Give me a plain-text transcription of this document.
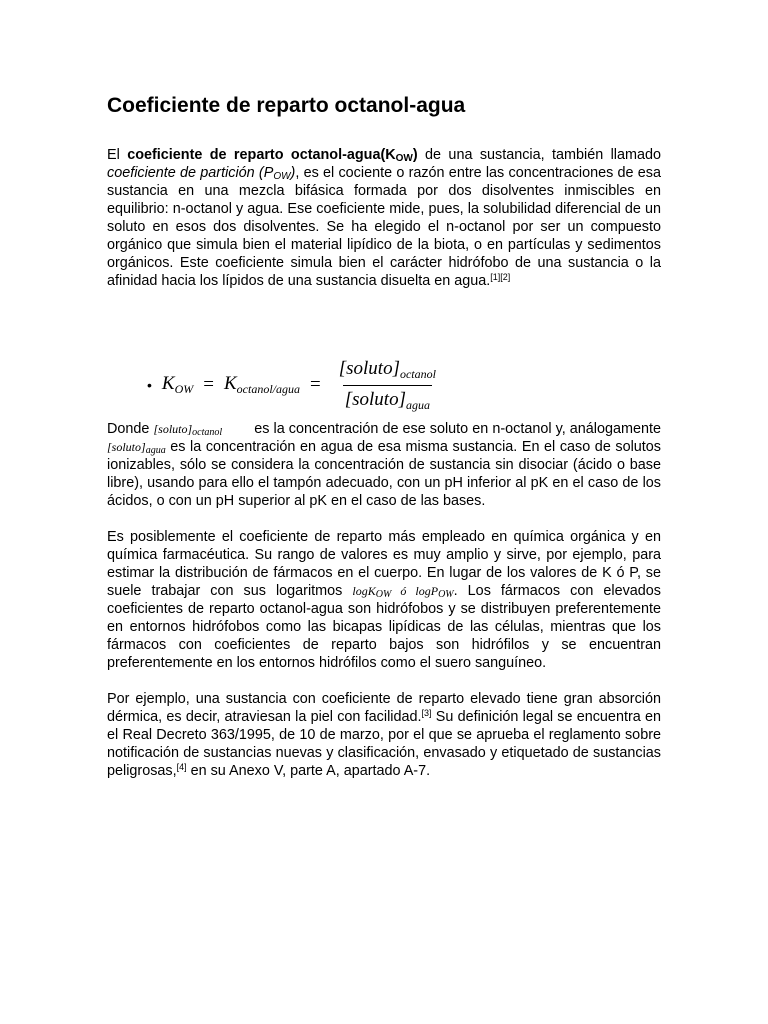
Coeficiente de reparto octanol-agua

El coeficiente de reparto octanol-$agua(K_{OW})$ de una sustancia, también llamado coeficiente de partición $(P_{OW})$, es el cociente o razón entre las concentraciones de esa sustancia en una mezcla bifásica formada por dos disolventes inmiscibles en equilibrio: n-octanol y agua. Ese coeficiente mide, pues, la solubilidad diferencial de un soluto en esos dos disolventes. Se ha elegido el n-octanol por ser un compuesto orgánico que simula bien el material lipídico de la biota, o en partículas y sedimentos orgánicos. Este coeficiente simula bien el carácter hidrófobo de una sustancia o la afinidad hacia los lípidos de una sustancia disuelta en agua.[1][2]

• $K_{OW} = K_{octanol/agua} = \frac{[soluto]_{octanol}}{[soluto]_{agua}}$

Donde $[soluto]_{octanol}$ es la concentración de ese soluto en n-octanol y, análogamente $[soluto]_{agua}$ es la concentración en agua de esa misma sustancia. En el caso de solutos ionizables, sólo se considera la concentración de sustancia sin disociar (ácido o base libre), usando para ello el tampón adecuado, con un pH inferior al pK en el caso de los ácidos, o con un pH superior al pK en el caso de las bases.

Es posiblemente el coeficiente de reparto más empleado en química orgánica y en química farmacéutica. Su rango de valores es muy amplio y sirve, por ejemplo, para estimar la distribución de fármacos en el cuerpo. En lugar de los valores de K ó P, se suele trabajar con sus logaritmos logK$_{OW}$ ó logP$_{OW}$. Los fármacos con elevados coeficientes de reparto octanol-agua son hidrófobos y se distribuyen preferentemente en entornos hidrófobos como las bicapas lipídicas de las células, mientras que los fármacos con coeficientes de reparto bajos son hidrófilos y se encuentran preferentemente en los entornos hidrófilos como el suero sanguíneo.

Por ejemplo, una sustancia con coeficiente de reparto elevado tiene gran absorción dérmica, es decir, atraviesan la piel con facilidad.[3] Su definición legal se encuentra en el Real Decreto 363/1995, de 10 de marzo, por el que se aprueba el reglamento sobre notificación de sustancias nuevas y clasificación, envasado y etiquetado de sustancias peligrosas,[4] en su Anexo V, parte A, apartado A-7.
